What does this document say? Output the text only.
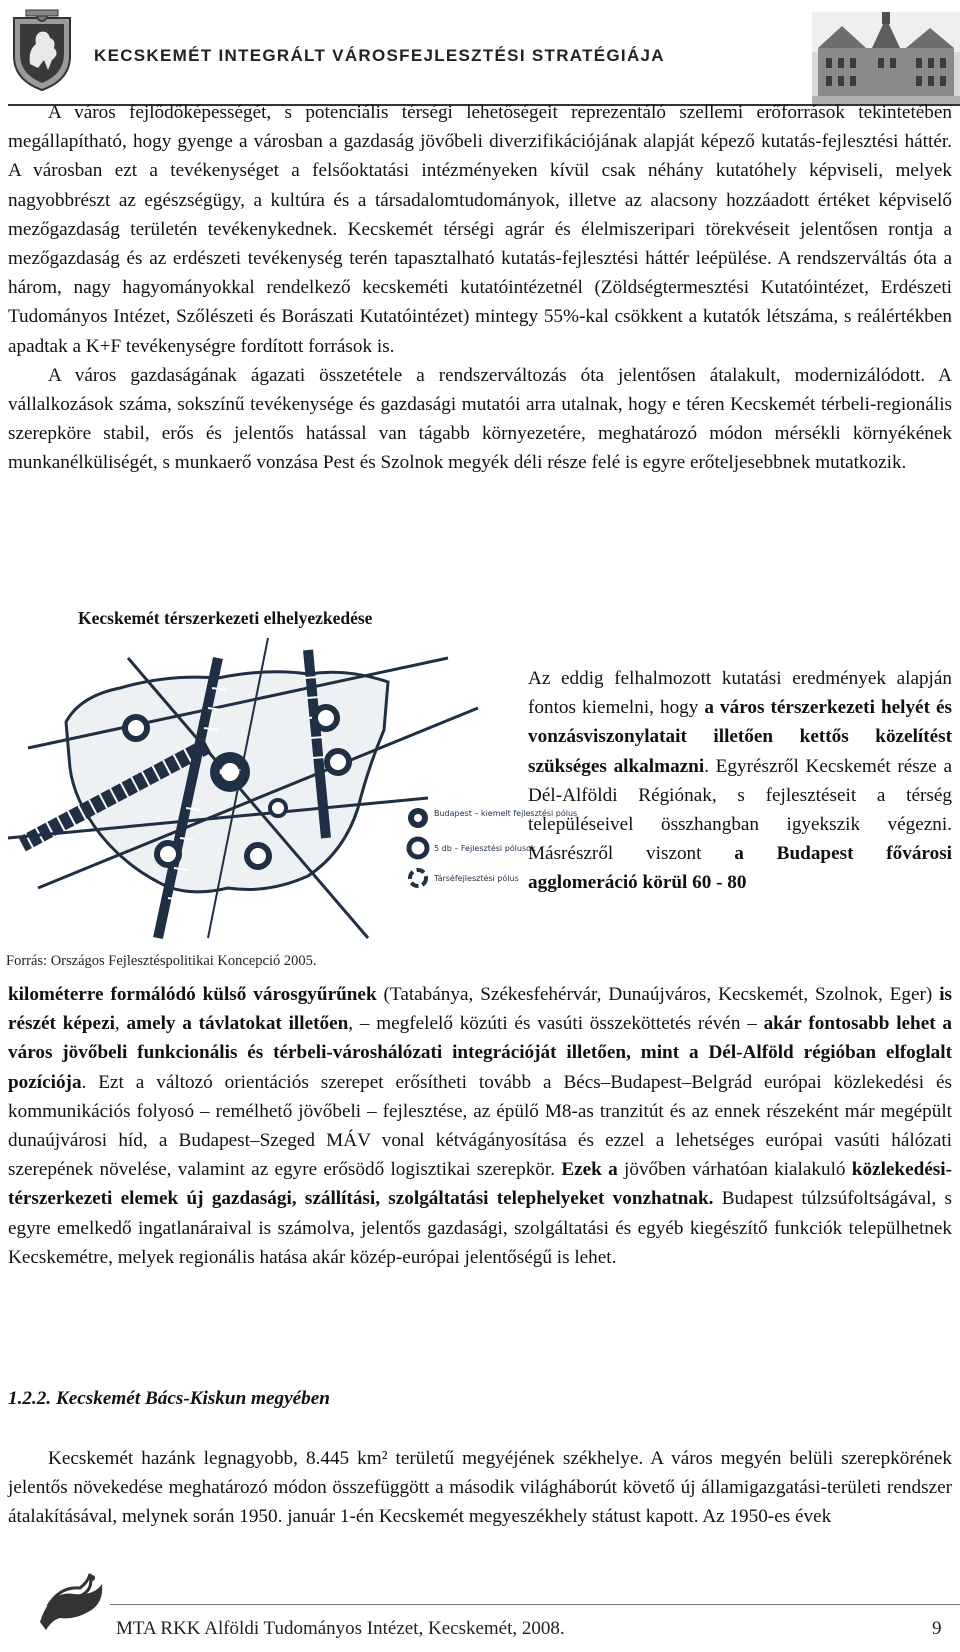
KECSKEMÉT INTEGRÁLT VÁROSFEJLESZTÉSI STRATÉGIÁJA

A város fejlődőképességét, s potenciális térségi lehetőségeit reprezentáló szellemi erőforrások tekintetében megállapítható, hogy gyenge a városban a gazdaság jövőbeli diverzifikációjának alapját képező kutatás-fejlesztési háttér. A városban ezt a tevékenységet a felsőoktatási intézményeken kívül csak néhány kutatóhely képviseli, melyek nagyobbrészt az egészségügy, a kultúra és a társadalomtudományok, illetve az alacsony hozzáadott értéket képviselő mezőgazdaság területén tevékenykednek. Kecskemét térségi agrár és élelmiszeripari törekvéseit jelentősen rontja a mezőgazdaság és az erdészeti tevékenység terén tapasztalható kutatás-fejlesztési háttér leépülése. A rendszerváltás óta a három, nagy hagyományokkal rendelkező kecskeméti kutatóintézetnél (Zöldségtermesztési Kutatóintézet, Erdészeti Tudományos Intézet, Szőlészeti és Borászati Kutatóintézet) mintegy 55%-kal csökkent a kutatók létszáma, s reálértékben apadtak a K+F tevékenységre fordított források is.

A város gazdaságának ágazati összetétele a rendszerváltozás óta jelentősen átalakult, modernizálódott. A vállalkozások száma, sokszínű tevékenysége és gazdasági mutatói arra utalnak, hogy e téren Kecskemét térbeli-regionális szerepköre stabil, erős és jelentős hatással van tágabb környezetére, meghatározó módon mérsékli környékének munkanélküliségét, s munkaerő vonzása Pest és Szolnok megyék déli része felé is egyre erőteljesebbnek mutatkozik.

Kecskemét térszerkezeti elhelyezkedése
BPEST
Budapest – kiemelt fejlesztési pólus
5 db – Fejlesztési pólusok
Társéfejlesztési pólus
Forrás: Országos Fejlesztéspolitikai Koncepció 2005.
Az eddig felhalmozott kutatási eredmények alapján fontos kiemelni, hogy a város térszerkezeti helyét és vonzásviszonylatait illetően kettős közelítést szükséges alkalmazni. Egyrészről Kecskemét része a Dél-Alföldi Régiónak, s fejlesztéseit a térség településeivel összhangban igyekszik végezni. Másrészről viszont a Budapest fővárosi agglomeráció körül 60 - 80

kilométerre formálódó külső városgyűrűnek (Tatabánya, Székesfehérvár, Dunaújváros, Kecskemét, Szolnok, Eger) is részét képezi, amely a távlatokat illetően, – megfelelő közúti és vasúti összeköttetés révén – akár fontosabb lehet a város jövőbeli funkcionális és térbeli-városhálózati integrációját illetően, mint a Dél-Alföld régióban elfoglalt pozíciója. Ezt a változó orientációs szerepet erősítheti tovább a Bécs–Budapest–Belgrád európai közlekedési és kommunikációs folyosó – remélhető jövőbeli – fejlesztése, az épülő M8-as tranzitút és az ennek részeként már megépült dunaújvárosi híd, a Budapest–Szeged MÁV vonal kétvágányosítása és ezzel a lehetséges európai vasúti hálózati szerepének növelése, valamint az egyre erősödő logisztikai szerepkör. Ezek a jövőben várhatóan kialakuló közlekedési-térszerkezeti elemek új gazdasági, szállítási, szolgáltatási telephelyeket vonzhatnak. Budapest túlzsúfoltságával, s egyre emelkedő ingatlanáraival is számolva, jelentős gazdasági, szolgáltatási és egyéb kiegészítő funkciók települhetnek Kecskemétre, melyek regionális hatása akár közép-európai jelentőségű is lehet.

1.2.2. Kecskemét Bács-Kiskun megyében

Kecskemét hazánk legnagyobb, 8.445 km² területű megyéjének székhelye. A város megyén belüli szerepkörének jelentős növekedése meghatározó módon összefüggött a második világháborút követő új államigazgatási-területi rendszer átalakításával, melynek során 1950. január 1-én Kecskemét megyeszékhely státust kapott. Az 1950-es évek

MTA RKK Alföldi Tudományos Intézet, Kecskemét, 2008.	9
